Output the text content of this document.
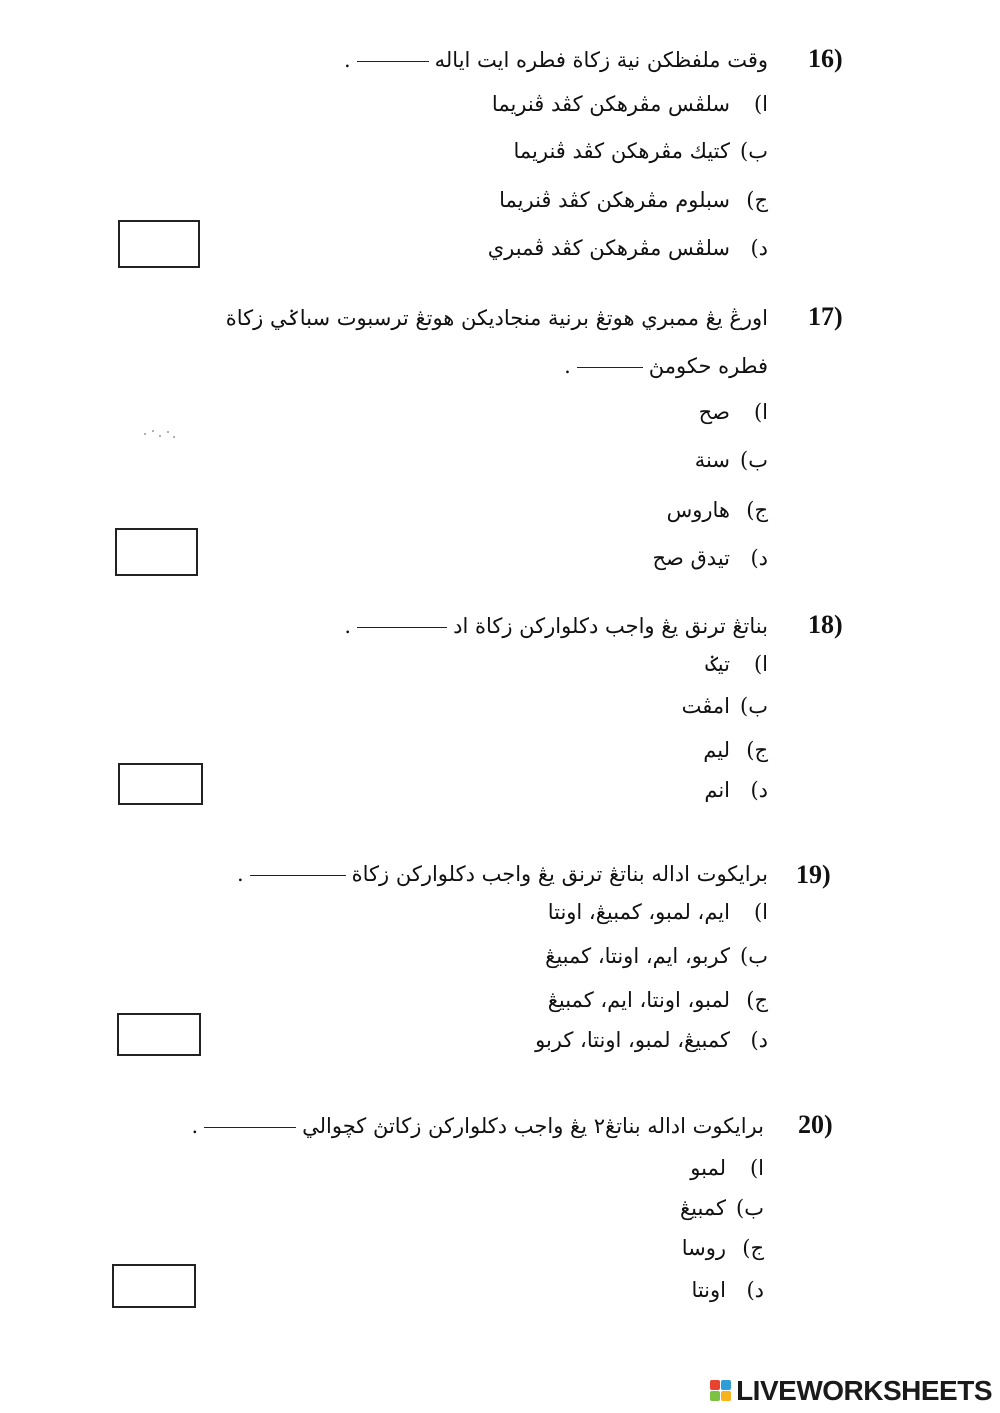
16)
وقت ملفظكن نية زكاة فطره ايت اياله.
ا)سلڤس مڤرهكن كڤد ڤنريما
ب)كتيك مڤرهكن كڤد ڤنريما
ج)سبلوم مڤرهكن كڤد ڤنريما
د)سلڤس مڤرهكن كڤد ڤمبري
17)
اورڠ يڠ ممبري هوتڠ برنية منجاديكن هوتڠ ترسبوت سباݢي زكاة فطره حكومڽ.
ا)صح
ب)سنة
ج)هاروس
د)تيدق صح
18)
بناتڠ ترنق يڠ واجب دكلواركن زكاة اد.
ا)تيݢ
ب)امڤت
ج)ليم
د)انم
19)
برايكوت اداله بناتڠ ترنق يڠ واجب دكلواركن زكاة.
ا)ايم، لمبو، كمبيڠ، اونتا
ب)كربو، ايم، اونتا، كمبيڠ
ج)لمبو، اونتا، ايم، كمبيڠ
د)كمبيڠ، لمبو، اونتا، كربو
20)
برايكوت اداله بناتڠ٢ يڠ واجب دكلواركن زكاتڽ كچوالي.
ا)لمبو
ب)كمبيڠ
ج)روسا
د)اونتا
LIVEWORKSHEETS
